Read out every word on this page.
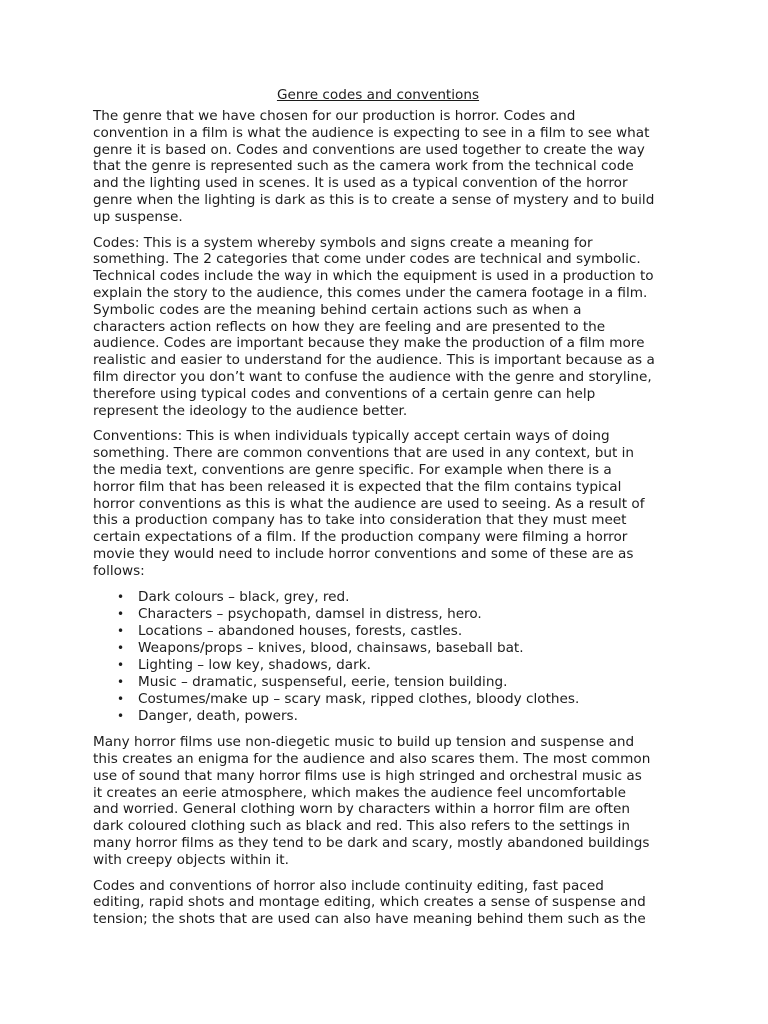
Genre codes and conventions

The genre that we have chosen for our production is horror. Codes and convention in a film is what the audience is expecting to see in a film to see what genre it is based on. Codes and conventions are used together to create the way that the genre is represented such as the camera work from the technical code and the lighting used in scenes. It is used as a typical convention of the horror genre when the lighting is dark as this is to create a sense of mystery and to build up suspense.

Codes: This is a system whereby symbols and signs create a meaning for something. The 2 categories that come under codes are technical and symbolic. Technical codes include the way in which the equipment is used in a production to explain the story to the audience, this comes under the camera footage in a film. Symbolic codes are the meaning behind certain actions such as when a characters action reflects on how they are feeling and are presented to the audience. Codes are important because they make the production of a film more realistic and easier to understand for the audience. This is important because as a film director you don’t want to confuse the audience with the genre and storyline, therefore using typical codes and conventions of a certain genre can help represent the ideology to the audience better.

Conventions: This is when individuals typically accept certain ways of doing something. There are common conventions that are used in any context, but in the media text, conventions are genre specific. For example when there is a horror film that has been released it is expected that the film contains typical horror conventions as this is what the audience are used to seeing. As a result of this a production company has to take into consideration that they must meet certain expectations of a film. If the production company were filming a horror movie they would need to include horror conventions and some of these are as follows:

• Dark colours – black, grey, red.
• Characters – psychopath, damsel in distress, hero.
• Locations – abandoned houses, forests, castles.
• Weapons/props – knives, blood, chainsaws, baseball bat.
• Lighting – low key, shadows, dark.
• Music – dramatic, suspenseful, eerie, tension building.
• Costumes/make up – scary mask, ripped clothes, bloody clothes.
• Danger, death, powers.

Many horror films use non-diegetic music to build up tension and suspense and this creates an enigma for the audience and also scares them. The most common use of sound that many horror films use is high stringed and orchestral music as it creates an eerie atmosphere, which makes the audience feel uncomfortable and worried. General clothing worn by characters within a horror film are often dark coloured clothing such as black and red. This also refers to the settings in many horror films as they tend to be dark and scary, mostly abandoned buildings with creepy objects within it.

Codes and conventions of horror also include continuity editing, fast paced editing, rapid shots and montage editing, which creates a sense of suspense and tension; the shots that are used can also have meaning behind them such as the
